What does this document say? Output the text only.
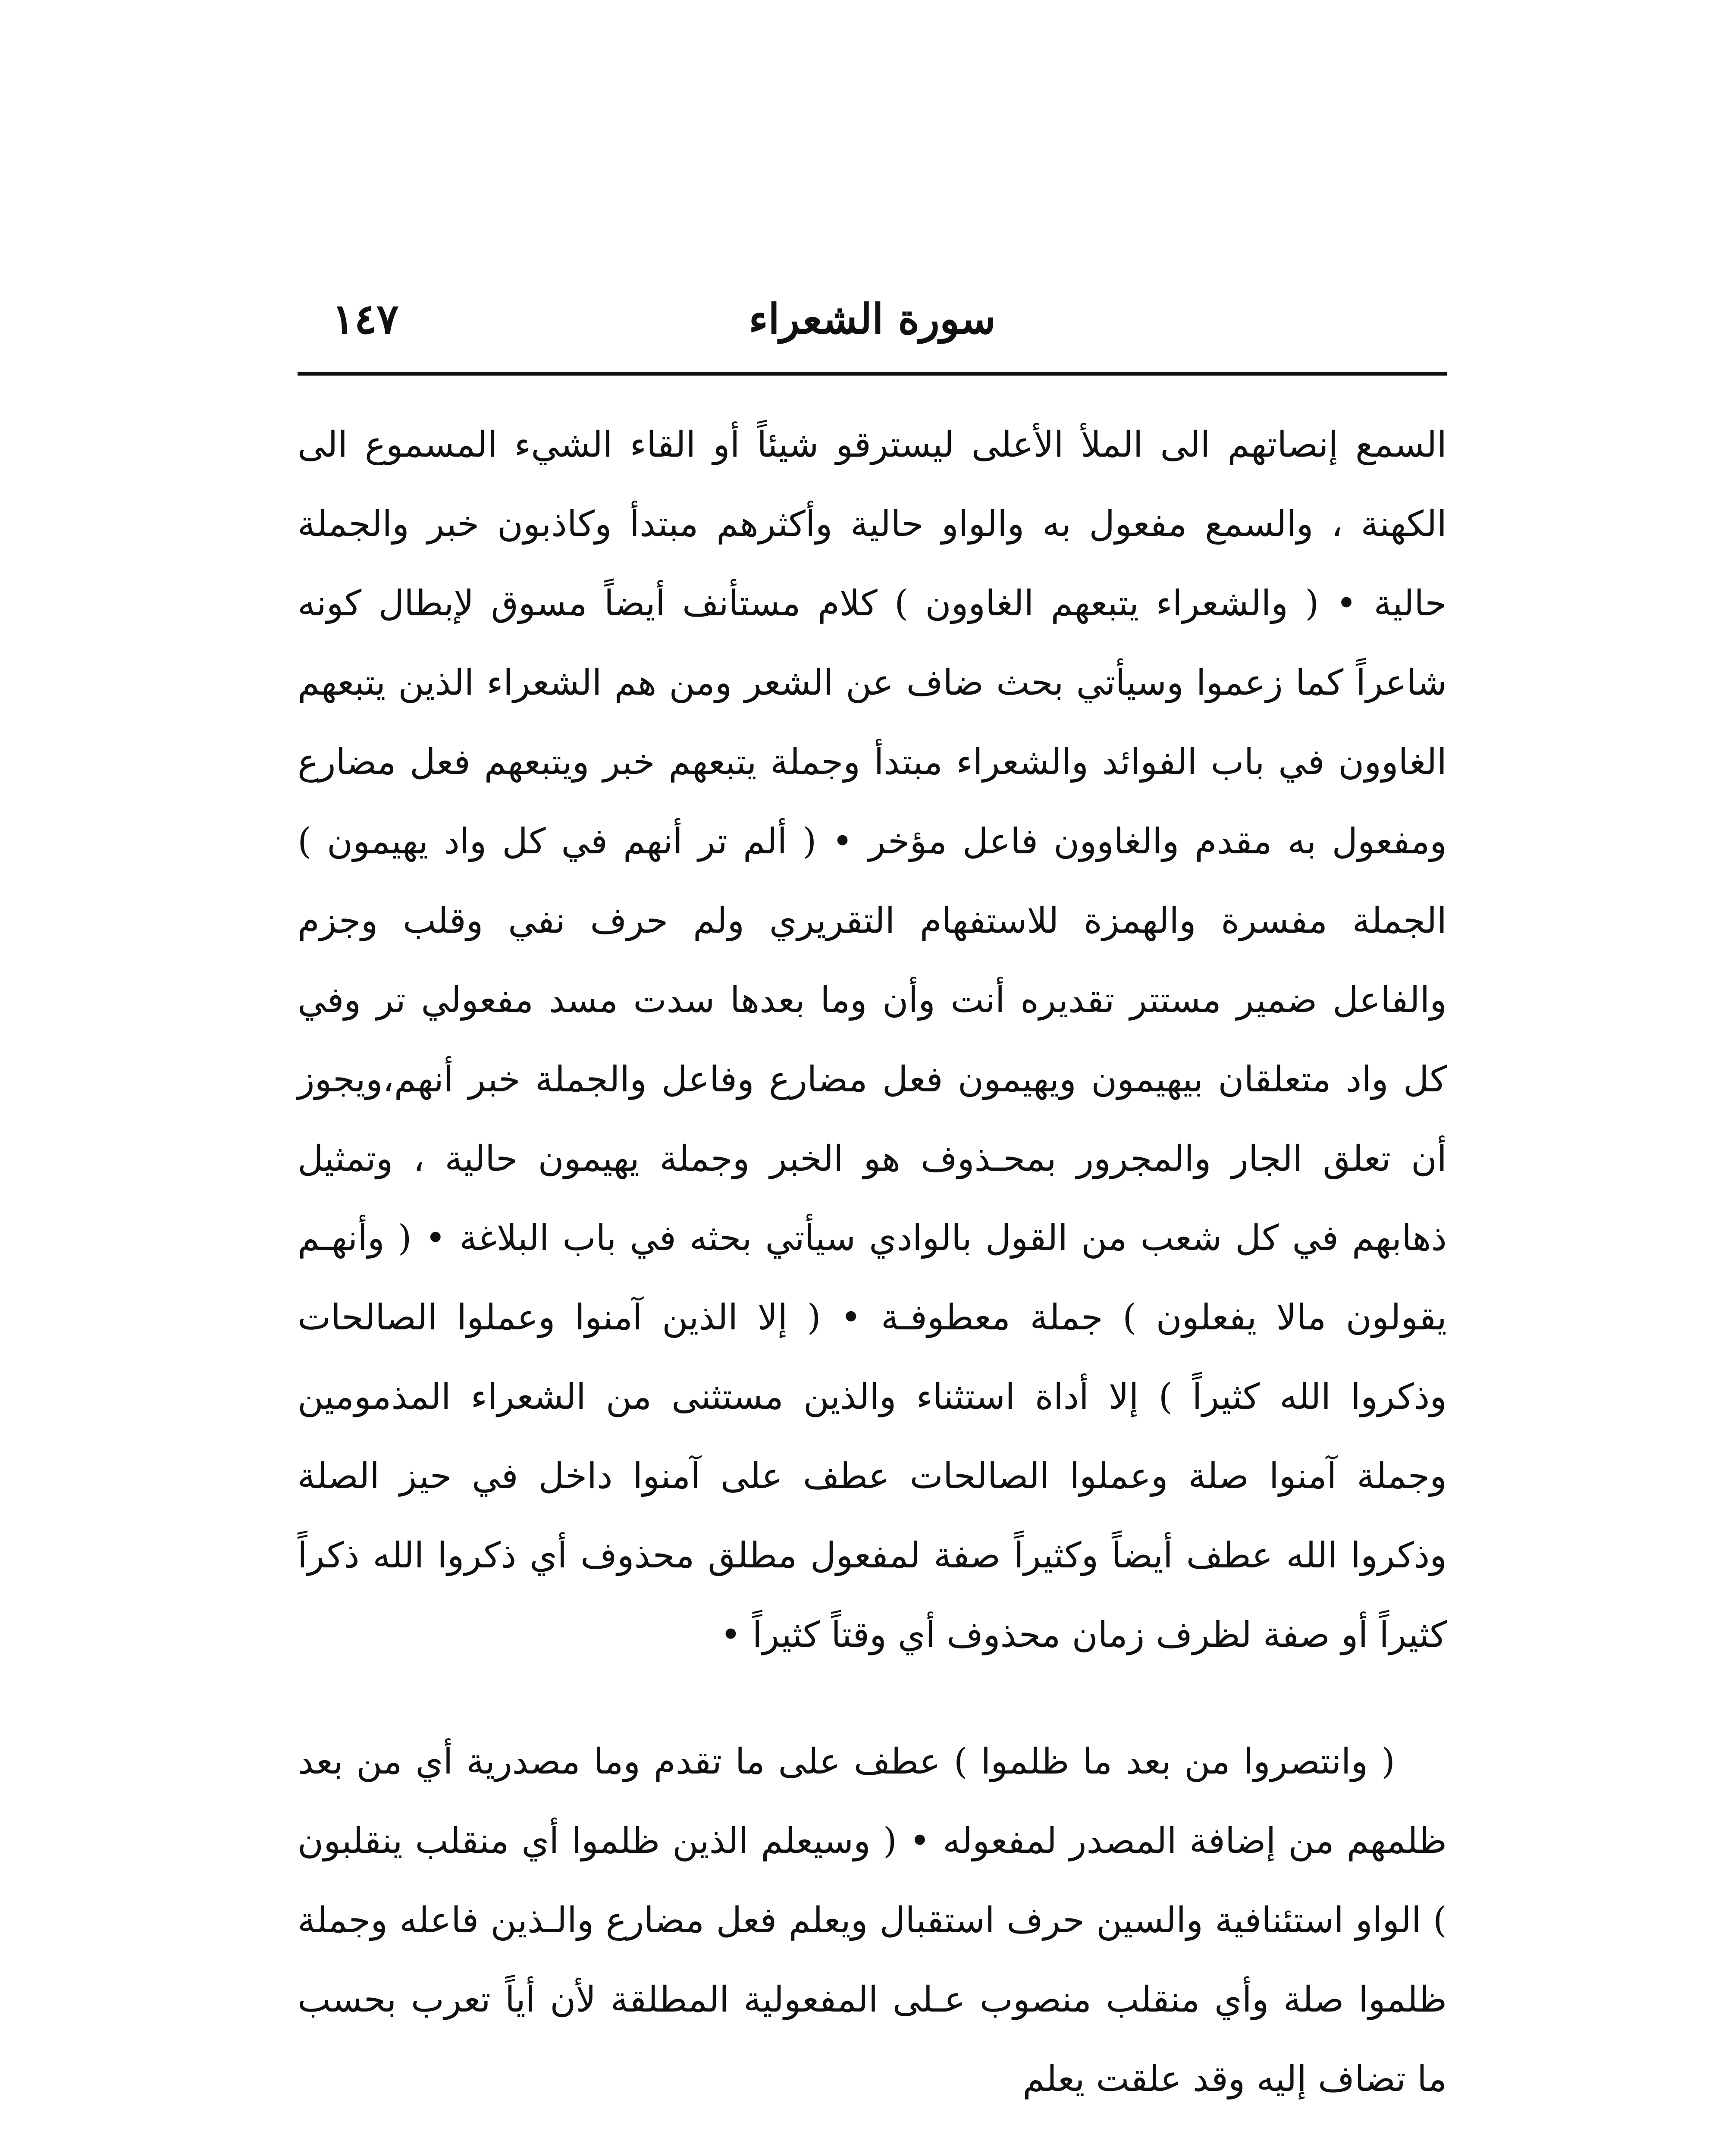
سورة الشعراء
١٤٧

السمع إنصاتهم الى الملأ الأعلى ليسترقو شيئاً أو القاء الشيء المسموع الى الكهنة ، والسمع مفعول به والواو حالية وأكثرهم مبتدأ وكاذبون خبر والجملة حالية • ( والشعراء يتبعهم الغاوون ) كلام مستأنف أيضاً مسوق لإبطال كونه شاعراً كما زعموا وسيأتي بحث ضاف عن الشعر ومن هم الشعراء الذين يتبعهم الغاوون في باب الفوائد والشعراء مبتدأ وجملة يتبعهم خبر ويتبعهم فعل مضارع ومفعول به مقدم والغاوون فاعل مؤخر • ( ألم تر أنهم في كل واد يهيمون ) الجملة مفسرة والهمزة للاستفهام التقريري ولم حرف نفي وقلب وجزم والفاعل ضمير مستتر تقديره أنت وأن وما بعدها سدت مسد مفعولي تر وفي كل واد متعلقان بيهيمون ويهيمون فعل مضارع وفاعل والجملة خبر أنهم،ويجوز أن تعلق الجار والمجرور بمحـذوف هو الخبر وجملة يهيمون حالية ، وتمثيل ذهابهم في كل شعب من القول بالوادي سيأتي بحثه في باب البلاغة • ( وأنهـم يقولون مالا يفعلون ) جملة معطوفـة • ( إلا الذين آمنوا وعملوا الصالحات وذكروا الله كثيراً ) إلا أداة استثناء والذين مستثنى من الشعراء المذمومين وجملة آمنوا صلة وعملوا الصالحات عطف على آمنوا داخل في حيز الصلة وذكروا الله عطف أيضاً وكثيراً صفة لمفعول مطلق محذوف أي ذكروا الله ذكراً كثيراً أو صفة لظرف زمان محذوف أي وقتاً كثيراً •

( وانتصروا من بعد ما ظلموا ) عطف على ما تقدم وما مصدرية أي من بعد ظلمهم من إضافة المصدر لمفعوله • ( وسيعلم الذين ظلموا أي منقلب ينقلبون ) الواو استئنافية والسين حرف استقبال ويعلم فعل مضارع والـذين فاعله وجملة ظلموا صلة وأي منقلب منصوب عـلى المفعولية المطلقة لأن أياً تعرب بحسب ما تضاف إليه وقد علقت يعلم
